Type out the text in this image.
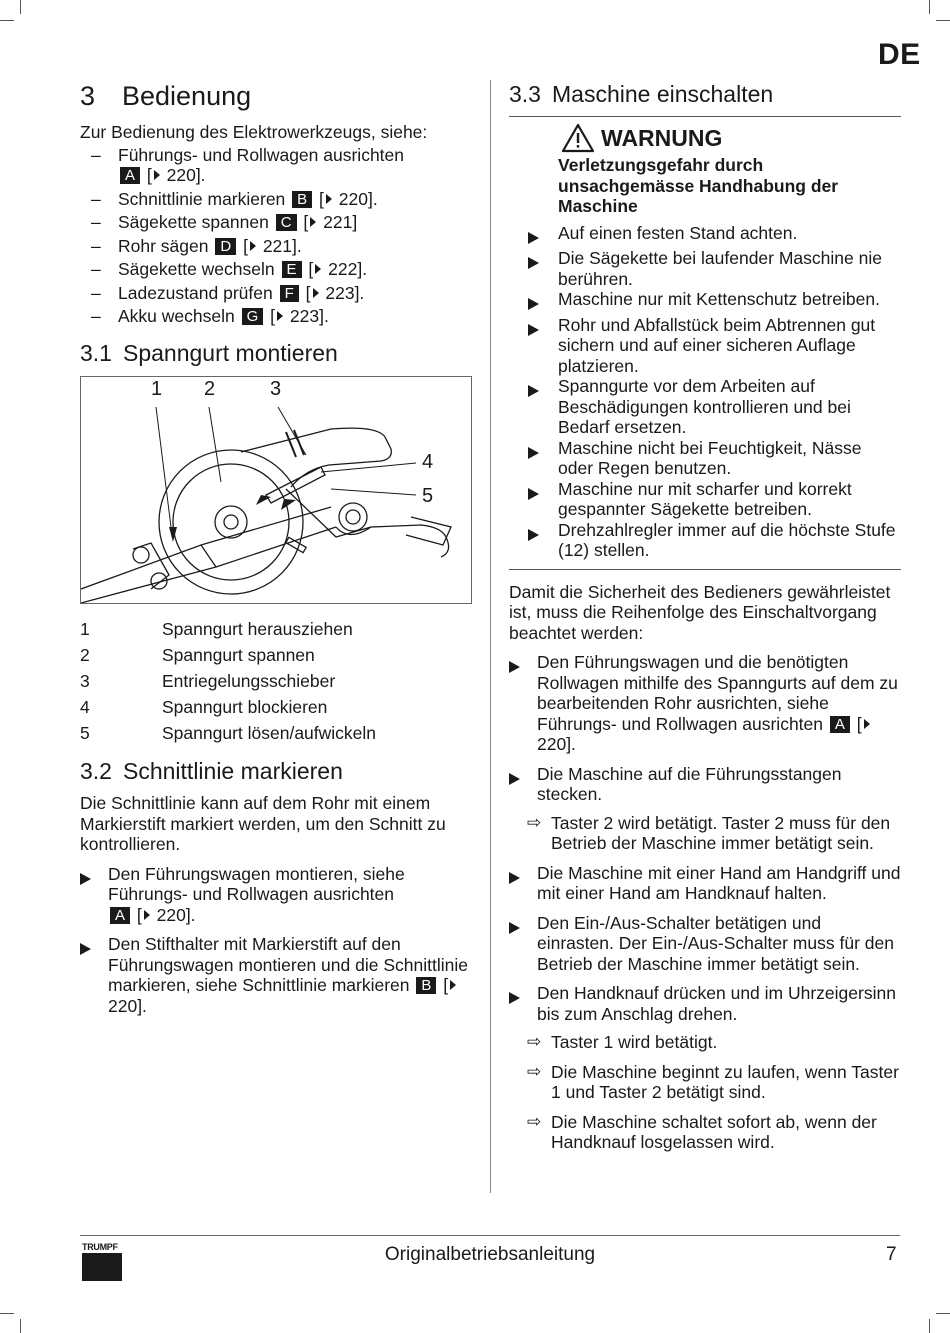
DE
3 Bedienung

Zur Bedienung des Elektrowerkzeugs, siehe:

– Führungs- und Rollwagen ausrichten
A [ 220].
– Schnittlinie markieren B [ 220].
– Sägekette spannen C [ 221]
– Rohr sägen D [ 221].
– Sägekette wechseln E [ 222].
– Ladezustand prüfen F [ 223].
– Akku wechseln G [ 223].
3.1 Spanngurt montieren
1 2	3
4
5
1	Spanngurt herausziehen
2	Spanngurt spannen
3	Entriegelungsschieber
4	Spanngurt blockieren
5	Spanngurt lösen/aufwickeln
3.2 Schnittlinie markieren

Die Schnittlinie kann auf dem Rohr mit einem Markierstift markiert werden, um den Schnitt zu kontrollieren.

Den Führungswagen montieren, siehe Führungs- und Rollwagen ausrichten
A [ 220].
Den Stifthalter mit Markierstift auf den Führungswagen montieren und die Schnittlinie markieren, siehe Schnittlinie markieren B [ 220].
3.3 Maschine einschalten
WARNUNG
Verletzungsgefahr durch unsachgemässe Handhabung der Maschine
Auf einen festen Stand achten.
Die Sägekette bei laufender Maschine nie berühren.
Maschine nur mit Kettenschutz betreiben.
Rohr und Abfallstück beim Abtrennen gut sichern und auf einer sicheren Auflage platzieren.
Spanngurte vor dem Arbeiten auf Beschädigungen kontrollieren und bei Bedarf ersetzen.
Maschine nicht bei Feuchtigkeit, Nässe oder Regen benutzen.
Maschine nur mit scharfer und korrekt gespannter Sägekette betreiben.
Drehzahlregler immer auf die höchste Stufe (12) stellen.

Damit die Sicherheit des Bedieners gewährleistet ist, muss die Reihenfolge des Einschaltvorgang beachtet werden:

Den Führungswagen und die benötigten Rollwagen mithilfe des Spanngurts auf dem zu bearbeitenden Rohr ausrichten, siehe Führungs- und Rollwagen ausrichten A [ 220].
Die Maschine auf die Führungsstangen stecken.
⇨ Taster 2 wird betätigt. Taster 2 muss für den Betrieb der Maschine immer betätigt sein.
Die Maschine mit einer Hand am Handgriff und mit einer Hand am Handknauf halten.
Den Ein-/Aus-Schalter betätigen und einrasten. Der Ein-/Aus-Schalter muss für den Betrieb der Maschine immer betätigt sein.
Den Handknauf drücken und im Uhrzeigersinn bis zum Anschlag drehen.
⇨ Taster 1 wird betätigt.
⇨ Die Maschine beginnt zu laufen, wenn Taster 1 und Taster 2 betätigt sind.
⇨ Die Maschine schaltet sofort ab, wenn der Handknauf losgelassen wird.
TRUMPF	Originalbetriebsanleitung	7
